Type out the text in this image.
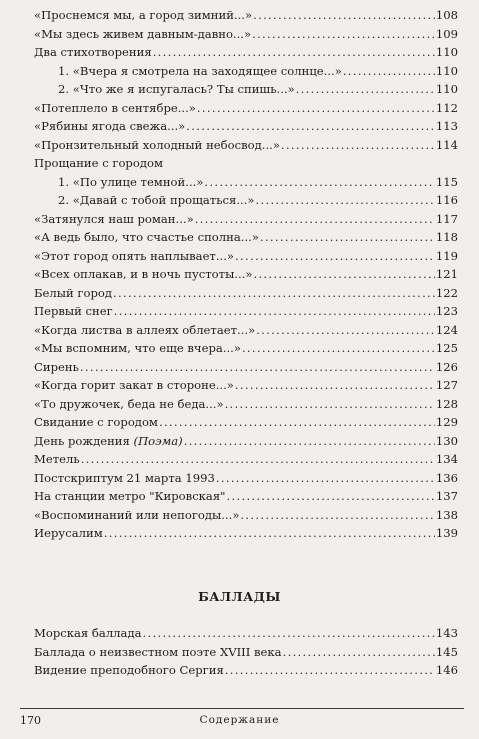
«Проснемся мы, а город зимний...» .....	108
«Мы здесь живем давным-давно...» .....	109
Два стихотворения .....	110
1. «Вчера я смотрела на заходящее солнце...» .....	110
2. «Что же я испугалась? Ты спишь...» .....	110
«Потеплело в сентябре...» .....	112
«Рябины ягода свежа...» .....	113
«Пронзительный холодный небосвод...» .....	114
Прощание с городом
1. «По улице темной...» .....	115
2. «Давай с тобой прощаться...» .....	116
«Затянулся наш роман...» .....	117
«А ведь было, что счастье сполна...» .....	118
«Этот город опять наплывает...» .....	119
«Всех оплакав, и в ночь пустоты...» .....	121
Белый город .....	122
Первый снег .....	123
«Когда листва в аллеях облетает...» .....	124
«Мы вспомним, что еще вчера...» .....	125
Сирень .....	126
«Когда горит закат в стороне...» .....	127
«То дружочек, беда не беда...» .....	128
Свидание с городом .....	129
День рождения (Поэма) .....	130
Метель .....	134
Постскриптум 21 марта 1993 .....	136
На станции метро "Кировская" .....	137
«Воспоминаний или непогоды...» .....	138
Иерусалим .....	139
БАЛЛАДЫ
Морская баллада .....	143
Баллада о неизвестном поэте XVIII века .....	145
Видение преподобного Сергия .....	146
170	Содержание
